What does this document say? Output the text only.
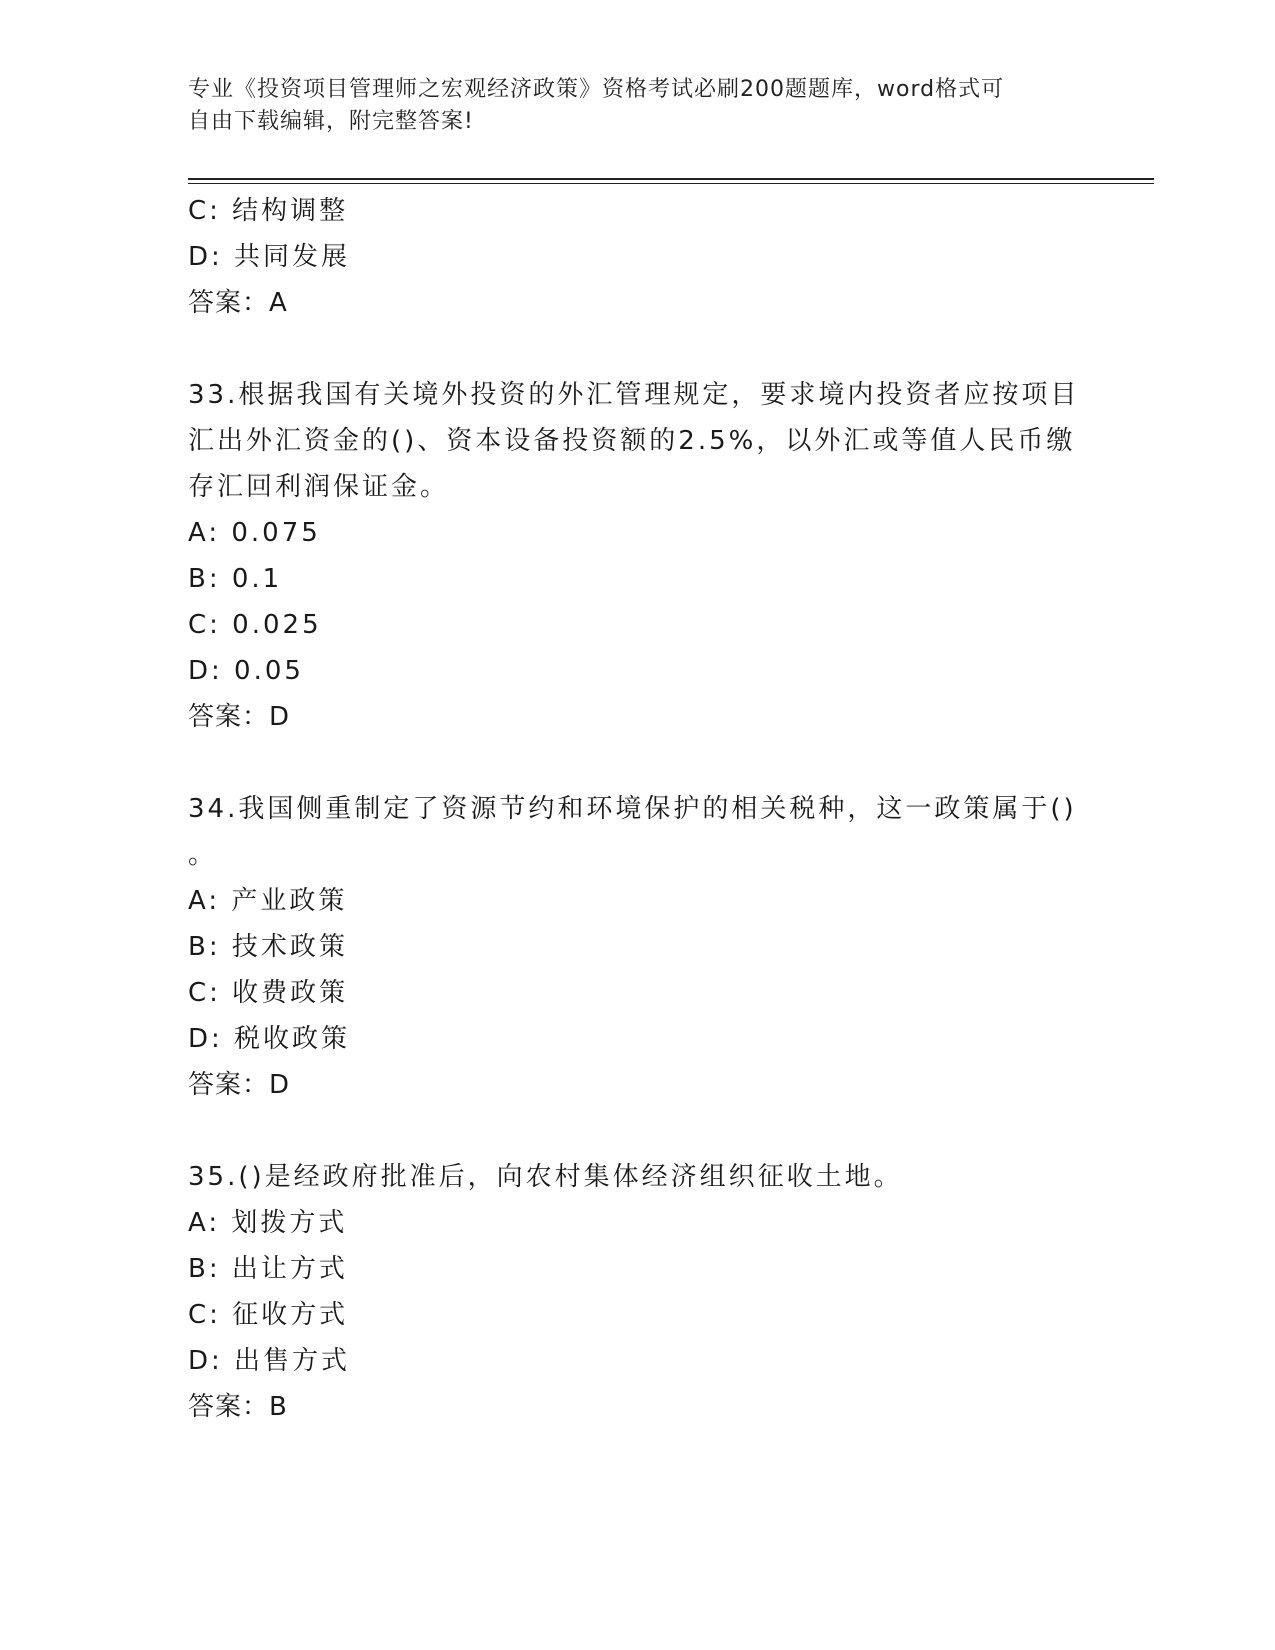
专业《投资项目管理师之宏观经济政策》资格考试必刷200题题库，word格式可
自由下载编辑，附完整答案!
C: 结构调整
D: 共同发展
答案：A
33.根据我国有关境外投资的外汇管理规定，要求境内投资者应按项目
汇出外汇资金的()、资本设备投资额的2.5%，以外汇或等值人民币缴
存汇回利润保证金。
A: 0.075
B: 0.1
C: 0.025
D: 0.05
答案：D
34.我国侧重制定了资源节约和环境保护的相关税种，这一政策属于()
。
A: 产业政策
B: 技术政策
C: 收费政策
D: 税收政策
答案：D
35.()是经政府批准后，向农村集体经济组织征收土地。
A: 划拨方式
B: 出让方式
C: 征收方式
D: 出售方式
答案：B
